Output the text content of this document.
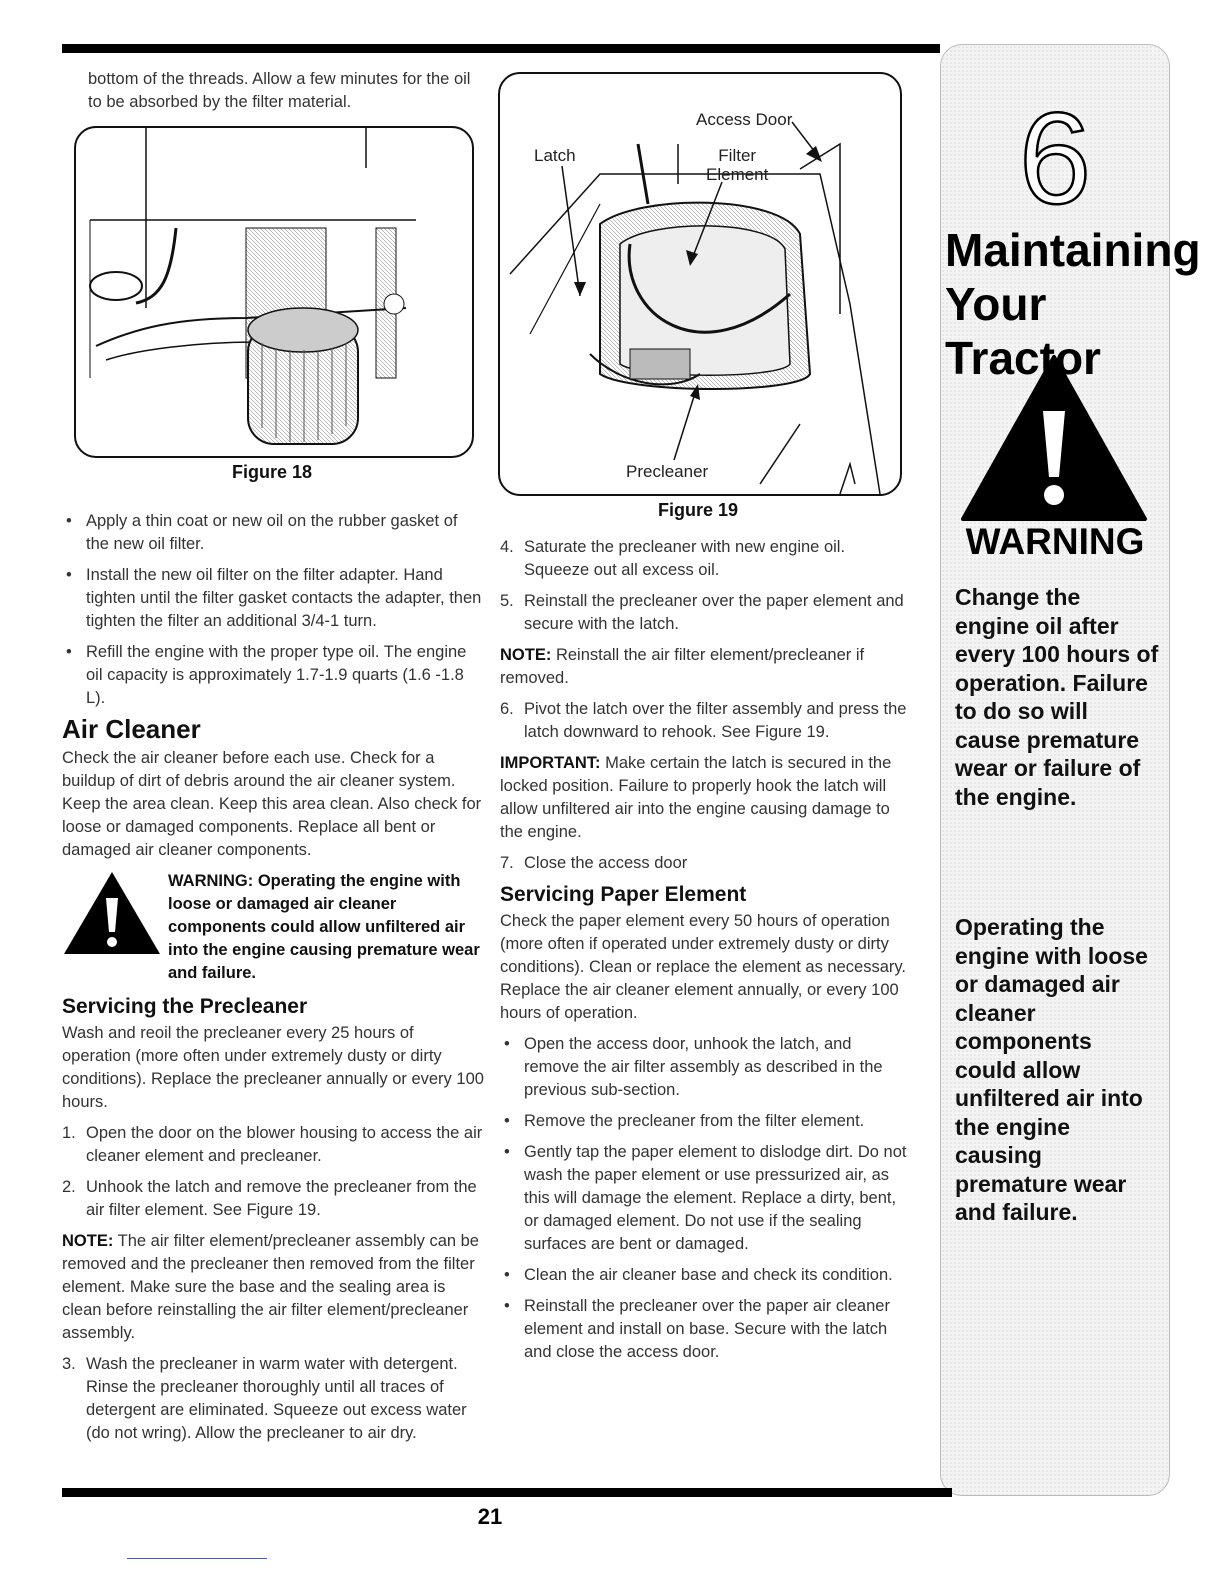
bottom of the threads. Allow a few minutes for the oil to be absorbed by the filter material.

Figure 18
• Apply a thin coat or new oil on the rubber gasket of the new oil filter.
• Install the new oil filter on the filter adapter. Hand tighten until the filter gasket contacts the adapter, then tighten the filter an additional 3/4-1 turn.
• Refill the engine with the proper type oil. The engine oil capacity is approximately 1.7-1.9 quarts (1.6 -1.8 L).
Air Cleaner

Check the air cleaner before each use. Check for a buildup of dirt of debris around the air cleaner system. Keep the area clean. Keep this area clean. Also check for loose or damaged components. Replace all bent or damaged air cleaner components.

WARNING: Operating the engine with loose or damaged air cleaner components could allow unfiltered air into the engine causing premature wear and failure.
Servicing the Precleaner

Wash and reoil the precleaner every 25 hours of operation (more often under extremely dusty or dirty conditions). Replace the precleaner annually or every 100 hours.

1. Open the door on the blower housing to access the air cleaner element and precleaner.
2. Unhook the latch and remove the precleaner from the air filter element. See Figure 19.

NOTE: The air filter element/precleaner assembly can be removed and the precleaner then removed from the filter element. Make sure the base and the sealing area is clean before reinstalling the air filter element/precleaner assembly.

3. Wash the precleaner in warm water with detergent. Rinse the precleaner thoroughly until all traces of detergent are eliminated. Squeeze out excess water (do not wring). Allow the precleaner to air dry.
Access Door
Latch	Filter
Element
Precleaner
Figure 19
4. Saturate the precleaner with new engine oil. Squeeze out all excess oil.
5. Reinstall the precleaner over the paper element and secure with the latch.

NOTE: Reinstall the air filter element/precleaner if removed.

6. Pivot the latch over the filter assembly and press the latch downward to rehook. See Figure 19.

IMPORTANT: Make certain the latch is secured in the locked position. Failure to properly hook the latch will allow unfiltered air into the engine causing damage to the engine.

7. Close the access door
Servicing Paper Element

Check the paper element every 50 hours of operation (more often if operated under extremely dusty or dirty conditions). Clean or replace the element as necessary. Replace the air cleaner element annually, or every 100 hours of operation.

• Open the access door, unhook the latch, and remove the air filter assembly as described in the previous sub-section.
• Remove the precleaner from the filter element.
• Gently tap the paper element to dislodge dirt. Do not wash the paper element or use pressurized air, as this will damage the element. Replace a dirty, bent, or damaged element. Do not use if the sealing surfaces are bent or damaged.
• Clean the air cleaner base and check its condition.
• Reinstall the precleaner over the paper air cleaner element and install on base. Secure with the latch and close the access door.
6
Maintaining
Your Tractor
WARNING
Change the engine oil after every 100 hours of operation. Failure to do so will cause premature wear or failure of the engine.
Operating the engine with loose or damaged air cleaner components could allow unfiltered air into the engine causing premature wear and failure.
21
